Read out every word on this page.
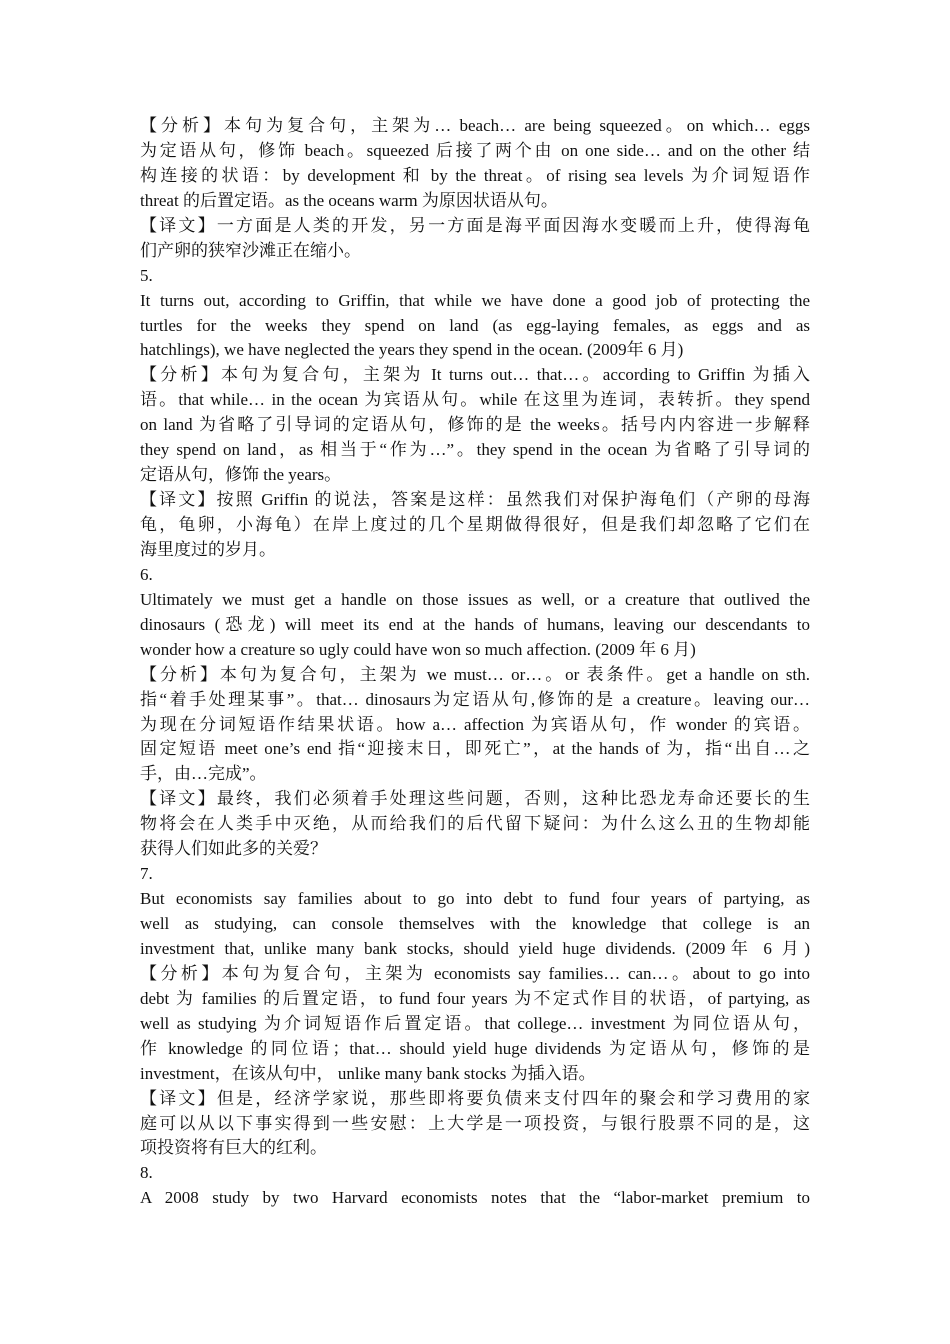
【分析】本句为复合句，主架为… beach… are being squeezed。on which… eggs
为定语从句，修饰 beach。squeezed 后接了两个由 on one side… and on the other 结
构连接的状语：by development 和 by the threat。of rising sea levels 为介词短语作
threat 的后置定语。as the oceans warm 为原因状语从句。
【译文】一方面是人类的开发，另一方面是海平面因海水变暖而上升，使得海龟
们产卵的狭窄沙滩正在缩小。
5.
It turns out, according to Griffin, that while we have done a good job of protecting the
turtles for the weeks they spend on land (as egg-laying females, as eggs and as
hatchlings), we have neglected the years they spend in the ocean. (2009年 6 月)
【分析】本句为复合句，主架为 It turns out… that…。according to Griffin 为插入
语。that while… in the ocean 为宾语从句。while 在这里为连词，表转折。they spend
on land 为省略了引导词的定语从句，修饰的是 the weeks。括号内内容进一步解释
they spend on land，as 相当于“作为…”。they spend in the ocean 为省略了引导词的
定语从句，修饰 the years。
【译文】按照 Griffin 的说法，答案是这样：虽然我们对保护海龟们（产卵的母海
龟，龟卵，小海龟）在岸上度过的几个星期做得很好，但是我们却忽略了它们在
海里度过的岁月。
6.
Ultimately we must get a handle on those issues as well, or a creature that outlived the
dinosaurs (恐龙) will meet its end at the hands of humans, leaving our descendants to
wonder how a creature so ugly could have won so much affection. (2009 年 6 月)
【分析】本句为复合句，主架为 we must… or…。or 表条件。get a handle on sth.
指“着手处理某事”。that… dinosaurs为定语从句,修饰的是 a creature。leaving our…
为现在分词短语作结果状语。how a… affection 为宾语从句，作 wonder 的宾语。
固定短语 meet one’s end 指“迎接末日，即死亡”，at the hands of 为，指“出自…之
手，由…完成”。
【译文】最终，我们必须着手处理这些问题，否则，这种比恐龙寿命还要长的生
物将会在人类手中灭绝，从而给我们的后代留下疑问：为什么这么丑的生物却能
获得人们如此多的关爱？
7.
But economists say families about to go into debt to fund four years of partying, as
well as studying, can console themselves with the knowledge that college is an
investment that, unlike many bank stocks, should yield huge dividends. (2009年 6 月)
【分析】本句为复合句，主架为 economists say families… can…。about to go into
debt 为 families 的后置定语，to fund four years 为不定式作目的状语，of partying, as
well as studying 为介词短语作后置定语。that college… investment 为同位语从句，
作 knowledge 的同位语；that… should yield huge dividends 为定语从句，修饰的是
investment，在该从句中， unlike many bank stocks 为插入语。
【译文】但是，经济学家说，那些即将要负债来支付四年的聚会和学习费用的家
庭可以从以下事实得到一些安慰：上大学是一项投资，与银行股票不同的是，这
项投资将有巨大的红利。
8.
A 2008 study by two Harvard economists notes that the “labor-market premium to
